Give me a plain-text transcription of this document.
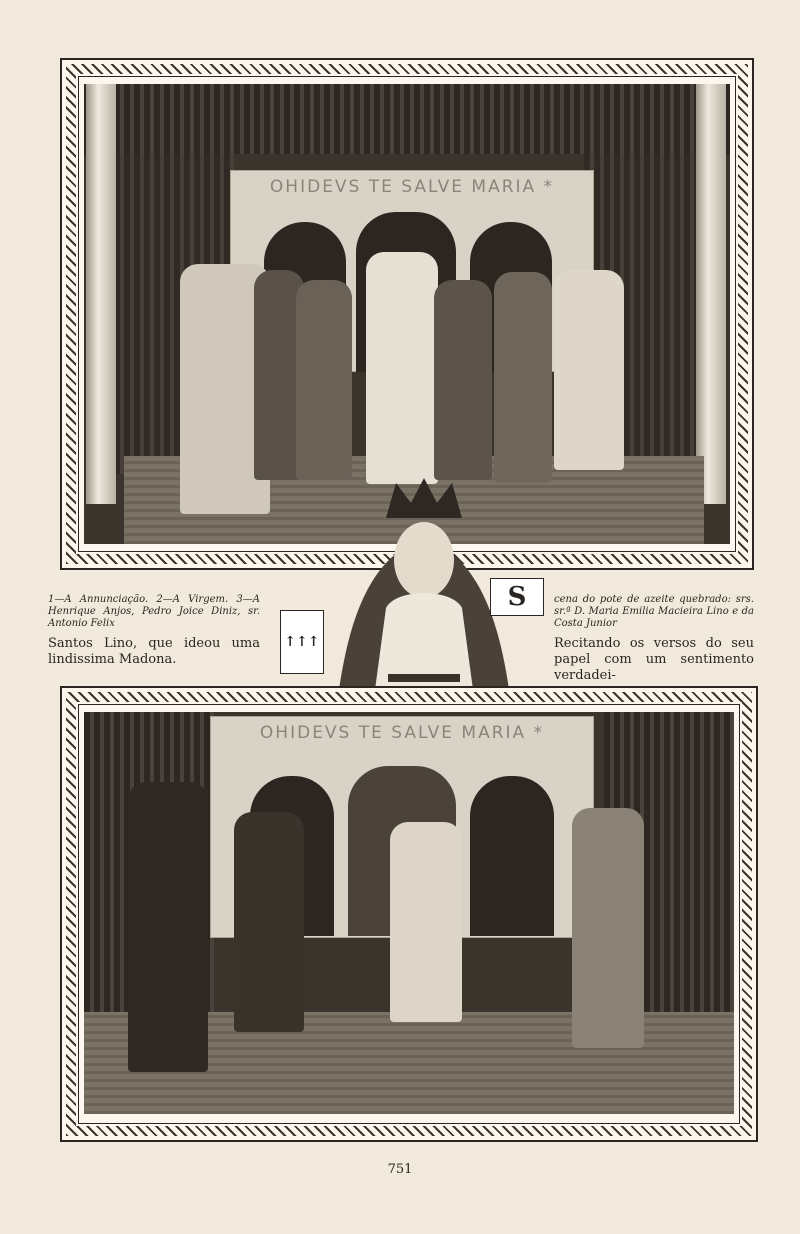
OHIDEVS TE SALVE MARIA *
1—A Annunciação. 2—A Virgem. 3—A Henrique Anjos, Pedro Joice Diniz, sr. Antonio Felix
Santos Lino, que ideou uma lindissima Madona.
↑↑↑
S	cena do pote de azeite quebrado: srs. sr.ª D. Maria Emilia Macieira Lino e da Costa Junior
Recitando os versos do seu papel com um sentimento verdadei-
OHIDEVS TE SALVE MARIA *
751
